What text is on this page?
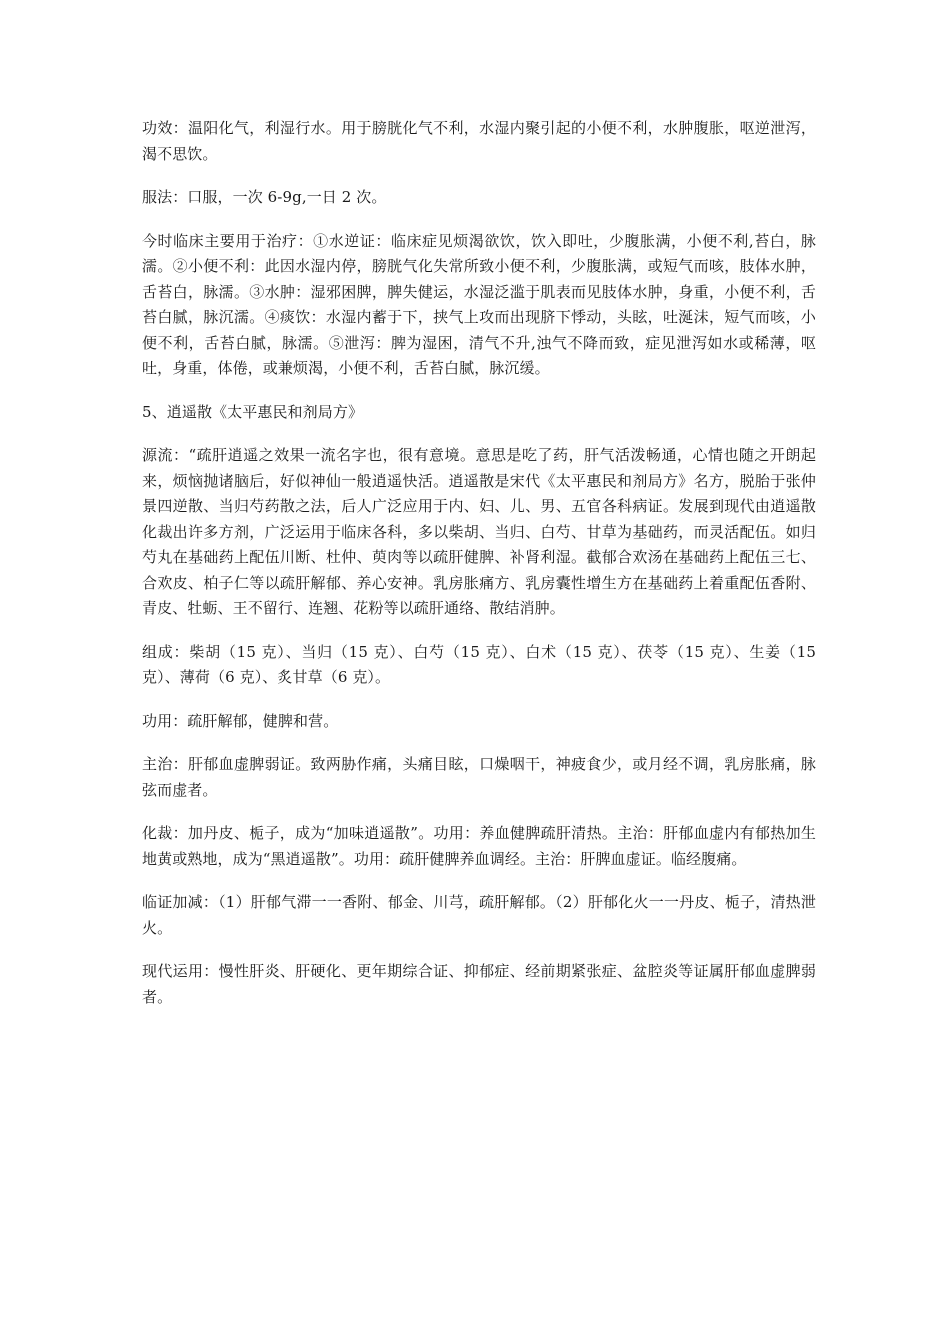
功效：温阳化气，利湿行水。用于膀胱化气不利，水湿内聚引起的小便不利，水肿腹胀，呕逆泄泻，渴不思饮。

服法：口服，一次 6-9g,一日 2 次。

今时临床主要用于治疗：①水逆证：临床症见烦渴欲饮，饮入即吐，少腹胀满，小便不利,苔白，脉濡。②小便不利：此因水湿内停，膀胱气化失常所致小便不利，少腹胀满，或短气而咳，肢体水肿，舌苔白，脉濡。③水肿：湿邪困脾，脾失健运，水湿泛滥于肌表而见肢体水肿，身重，小便不利，舌苔白腻，脉沉濡。④痰饮：水湿内蓄于下，挟气上攻而出现脐下悸动，头眩，吐涎沫，短气而咳，小便不利，舌苔白腻，脉濡。⑤泄泻：脾为湿困，清气不升,浊气不降而致，症见泄泻如水或稀薄，呕吐，身重，体倦，或兼烦渴，小便不利，舌苔白腻，脉沉缓。

5、逍遥散《太平惠民和剂局方》

源流：“疏肝逍遥之效果一流名字也，很有意境。意思是吃了药，肝气活泼畅通，心情也随之开朗起来，烦恼抛诸脑后，好似神仙一般逍遥快活。逍遥散是宋代《太平惠民和剂局方》名方，脱胎于张仲景四逆散、当归芍药散之法，后人广泛应用于内、妇、儿、男、五官各科病证。发展到现代由逍遥散化裁出许多方剂，广泛运用于临床各科，多以柴胡、当归、白芍、甘草为基础药，而灵活配伍。如归芍丸在基础药上配伍川断、杜仲、萸肉等以疏肝健脾、补肾利湿。截郁合欢汤在基础药上配伍三七、合欢皮、柏子仁等以疏肝解郁、养心安神。乳房胀痛方、乳房囊性增生方在基础药上着重配伍香附、青皮、牡蛎、王不留行、连翘、花粉等以疏肝通络、散结消肿。

组成：柴胡（15 克）、当归（15 克）、白芍（15 克）、白术（15 克）、茯苓（15 克）、生姜（15 克）、薄荷（6 克）、炙甘草（6 克）。

功用：疏肝解郁，健脾和营。

主治：肝郁血虚脾弱证。致两胁作痛，头痛目眩，口燥咽干，神疲食少，或月经不调，乳房胀痛，脉弦而虚者。

化裁：加丹皮、栀子，成为“加味逍遥散”。功用：养血健脾疏肝清热。主治：肝郁血虚内有郁热加生地黄或熟地，成为“黑逍遥散”。功用：疏肝健脾养血调经。主治：肝脾血虚证。临经腹痛。

临证加减：（1）肝郁气滞一一香附、郁金、川芎，疏肝解郁。（2）肝郁化火一一丹皮、栀子，清热泄火。

现代运用：慢性肝炎、肝硬化、更年期综合证、抑郁症、经前期紧张症、盆腔炎等证属肝郁血虚脾弱者。
